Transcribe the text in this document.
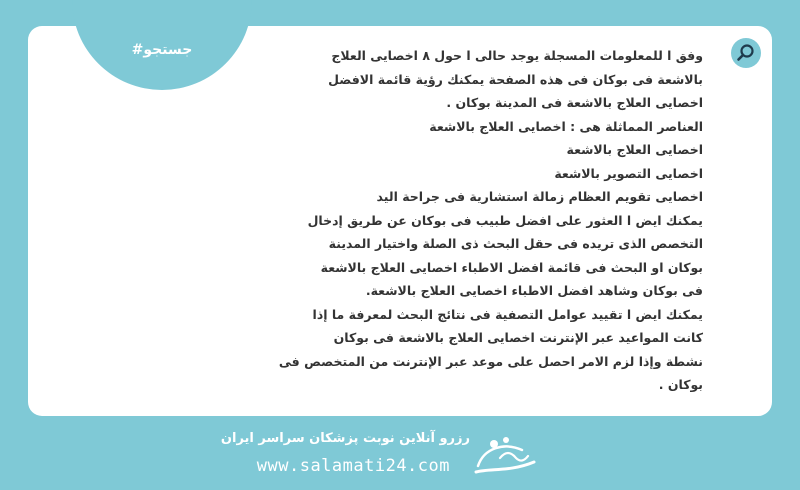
#جستجو	وفق ا للمعلومات المسجلة يوجد حالى ا حول ٨ اخصايى العلاج
بالاشعة فى بوكان فى هذه الصفحة يمكنك رؤية قائمة الافضل
اخصايى العلاج بالاشعة فى المدينة بوكان .
العناصر المماثلة هى : اخصايى العلاج بالاشعة
اخصايى العلاج بالاشعة
اخصايى التصوير بالاشعة
اخصايى تقويم العظام زمالة استشارية فى جراحة اليد
يمكنك ايض ا العثور على افضل طبيب فى بوكان عن طريق إدخال
التخصص الذى تريده فى حقل البحث ذى الصلة واختيار المدينة
بوكان او البحث فى قائمة افضل الاطباء اخصايى العلاج بالاشعة
فى بوكان وشاهد افضل الاطباء اخصايى العلاج بالاشعة.
يمكنك ايض ا تقييد عوامل التصفية فى نتائج البحث لمعرفة ما إذا
كانت المواعيد عبر الإنترنت اخصايى العلاج بالاشعة فى بوكان
نشطة وإذا لزم الامر احصل على موعد عبر الإنترنت من المتخصص فى
بوكان .
رزرو آنلاین نوبت پزشکان سراسر ایران
www.salamati24.com
